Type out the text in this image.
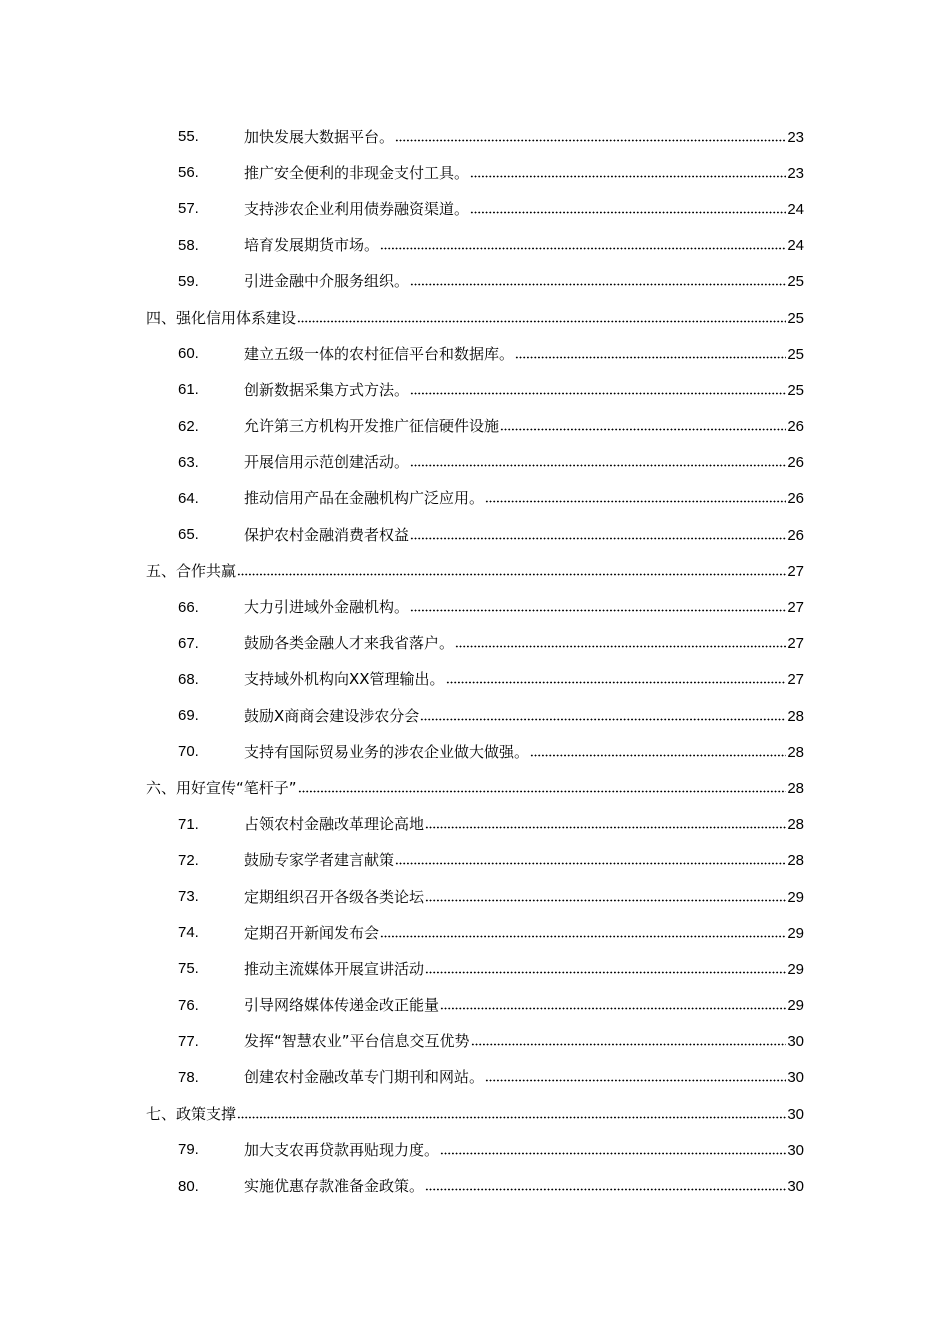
55.	加快发展大数据平台。	23
56.	推广安全便利的非现金支付工具。	23
57.	支持涉农企业利用债券融资渠道。	24
58.	培育发展期货市场。	24
59.	引进金融中介服务组织。	25
四、强化信用体系建设	25
60.	建立五级一体的农村征信平台和数据库。	25
61.	创新数据采集方式方法。	25
62.	允许第三方机构开发推广征信硬件设施	26
63.	开展信用示范创建活动。	26
64.	推动信用产品在金融机构广泛应用。	26
65.	保护农村金融消费者权益	26
五、合作共赢	27
66.	大力引进域外金融机构。	27
67.	鼓励各类金融人才来我省落户。	27
68.	支持域外机构向XX管理输出。	27
69.	鼓励X商商会建设涉农分会	28
70.	支持有国际贸易业务的涉农企业做大做强。	28
六、用好宣传“笔杆子”	28
71.	占领农村金融改革理论高地	28
72.	鼓励专家学者建言献策	28
73.	定期组织召开各级各类论坛	29
74.	定期召开新闻发布会	29
75.	推动主流媒体开展宣讲活动	29
76.	引导网络媒体传递金改正能量	29
77.	发挥“智慧农业”平台信息交互优势	30
78.	创建农村金融改革专门期刊和网站。	30
七、政策支撑	30
79.	加大支农再贷款再贴现力度。	30
80.	实施优惠存款准备金政策。	30
